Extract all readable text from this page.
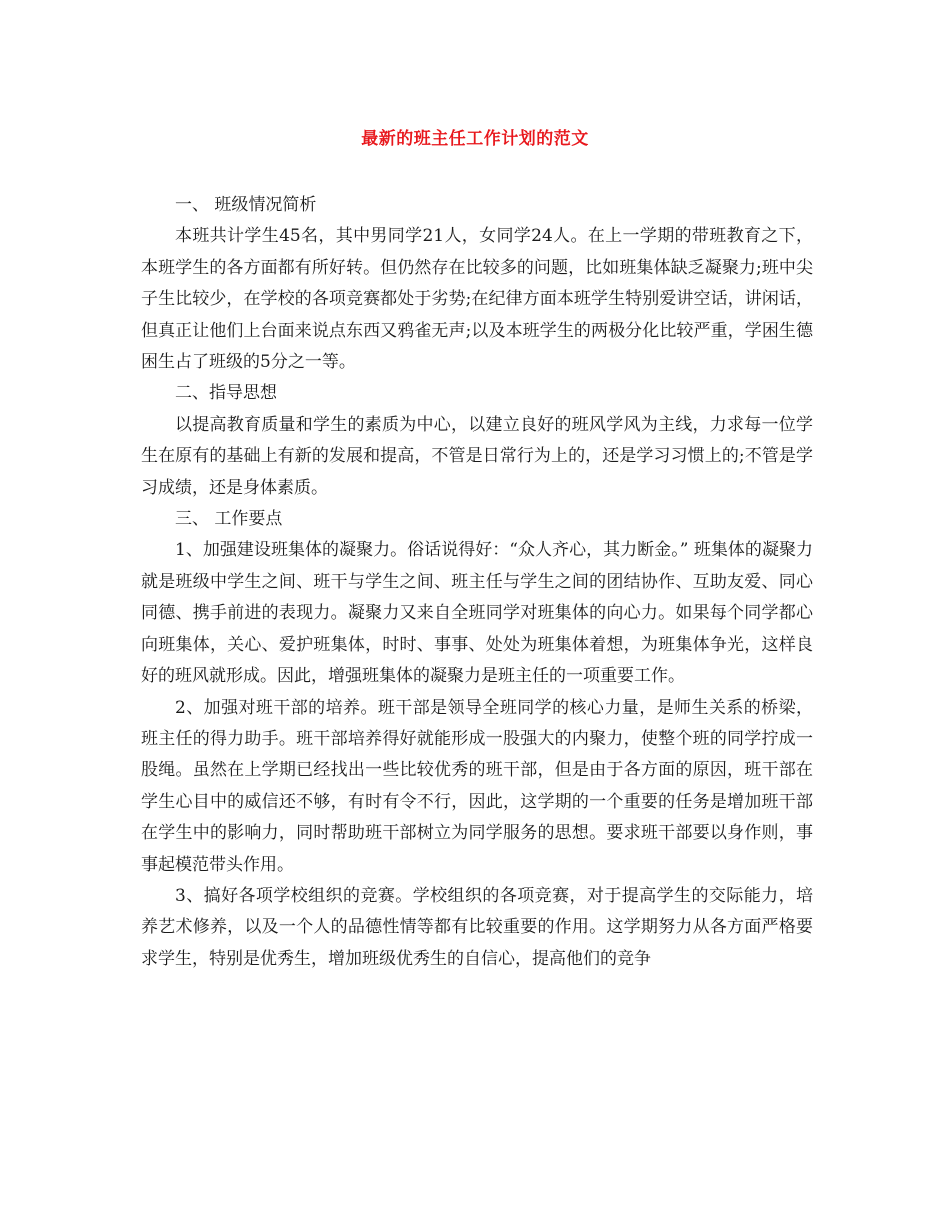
最新的班主任工作计划的范文

一、 班级情况简析

本班共计学生45名，其中男同学21人，女同学24人。在上一学期的带班教育之下，本班学生的各方面都有所好转。但仍然存在比较多的问题，比如班集体缺乏凝聚力;班中尖子生比较少，在学校的各项竞赛都处于劣势;在纪律方面本班学生特别爱讲空话，讲闲话，但真正让他们上台面来说点东西又鸦雀无声;以及本班学生的两极分化比较严重，学困生德困生占了班级的5分之一等。

二、指导思想

以提高教育质量和学生的素质为中心，以建立良好的班风学风为主线，力求每一位学生在原有的基础上有新的发展和提高，不管是日常行为上的，还是学习习惯上的;不管是学习成绩，还是身体素质。

三、 工作要点

1、加强建设班集体的凝聚力。俗话说得好：“众人齐心，其力断金。” 班集体的凝聚力就是班级中学生之间、班干与学生之间、班主任与学生之间的团结协作、互助友爱、同心同德、携手前进的表现力。凝聚力又来自全班同学对班集体的向心力。如果每个同学都心向班集体，关心、爱护班集体，时时、事事、处处为班集体着想，为班集体争光，这样良好的班风就形成。因此，增强班集体的凝聚力是班主任的一项重要工作。

2、加强对班干部的培养。班干部是领导全班同学的核心力量，是师生关系的桥梁，班主任的得力助手。班干部培养得好就能形成一股强大的内聚力，使整个班的同学拧成一股绳。虽然在上学期已经找出一些比较优秀的班干部，但是由于各方面的原因，班干部在学生心目中的威信还不够，有时有令不行，因此，这学期的一个重要的任务是增加班干部在学生中的影响力，同时帮助班干部树立为同学服务的思想。要求班干部要以身作则，事事起模范带头作用。

3、搞好各项学校组织的竞赛。学校组织的各项竞赛，对于提高学生的交际能力，培养艺术修养，以及一个人的品德性情等都有比较重要的作用。这学期努力从各方面严格要求学生，特别是优秀生，增加班级优秀生的自信心，提高他们的竞争
